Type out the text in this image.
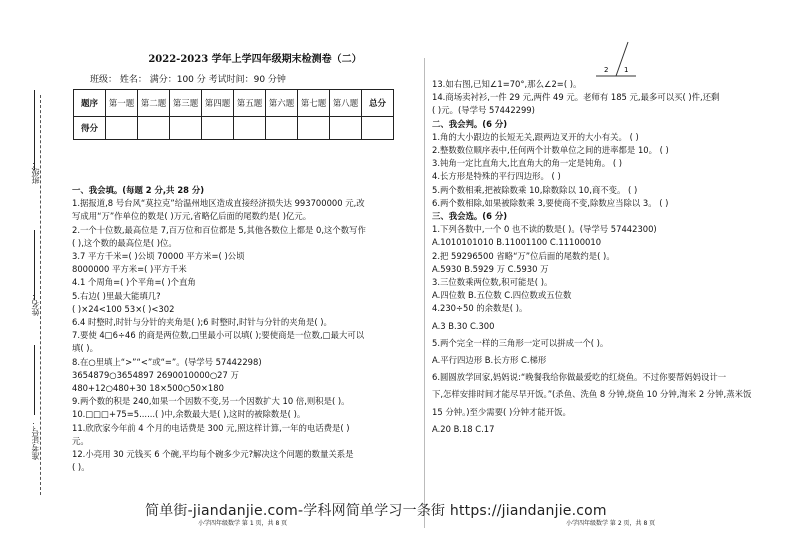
班级：
姓名：
准考证号：
2022-2023 学年上学四年级期末检测卷（二）
班级： 姓名： 满分：100 分 考试时间：90 分钟
题序	第一题	第二题	第三题	第四题	第五题	第六题	第七题	第八题	总分
得分									
一、我会填。(每题 2 分,共 28 分)
1.据报道,8 号台风“莫拉克”给温州地区造成直接经济损失达 993700000 元,改
写成用“万”作单位的数是( )万元,省略亿后面的尾数约是( )亿元。
2.一个十位数,最高位是 7,百万位和百位都是 5,其他各数位上都是 0,这个数写作
( ),这个数的最高位是( )位。
3.7 平方千米=( )公顷 70000 平方米=( )公顷
8000000 平方米=( )平方千米
4.1 个周角=( )个平角=( )个直角
5.右边( )里最大能填几?
( )×24<100 53×( )<302
6.4 时整时,时针与分针的夹角是( );6 时整时,时针与分针的夹角是( )。
7.要使 4□6÷46 的商是两位数,□里最小可以填( );要使商是一位数,□最大可以
填( )。
8.在○里填上“>”“<”或“=”。(导学号 57442298)
3654879○3654897 2690010000○27 万
480+12○480+30 18×500○50×180
9.两个数的积是 240,如果一个因数不变,另一个因数扩大 10 倍,则积是( )。
10.□□□+75=5......( )中,余数最大是( ),这时的被除数是( )。
11.欣欣家今年前 4 个月的电话费是 300 元,照这样计算,一年的电话费是( )
元。
12.小亮用 30 元钱买 6 个碗,平均每个碗多少元?解决这个问题的数量关系是
( )。
13.如右图,已知∠1=70°,那么∠2=( )。
14.商场卖衬衫,一件 29 元,两件 49 元。老师有 185 元,最多可以买( )件,还剩
( )元。(导学号 57442299)
二、我会判。(6 分)
1.角的大小跟边的长短无关,跟两边叉开的大小有关。 ( )
2.整数数位顺序表中,任何两个计数单位之间的进率都是 10。 ( )
3.钝角一定比直角大,比直角大的角一定是钝角。 ( )
4.长方形是特殊的平行四边形。 ( )
5.两个数相乘,把被除数乘 10,除数除以 10,商不变。 ( )
6.两个数相除,如果被除数乘 3,要使商不变,除数应当除以 3。 ( )
三、我会选。(6 分)
1.下列各数中,一个 0 也不读的数是( )。(导学号 57442300)
A.1010101010 B.11001100 C.11100010
2.把 59296500 省略“万”位后面的尾数约是( )。
A.5930 B.5929 万 C.5930 万
3.三位数乘两位数,积可能是( )。
A.四位数 B.五位数 C.四位数或五位数
4.230÷50 的余数是( )。
A.3 B.30 C.300
5.两个完全一样的三角形一定可以拼成一个( )。
A.平行四边形 B.长方形 C.梯形
6.圆圆放学回家,妈妈说:“晚餐我给你做最爱吃的红烧鱼。不过你要帮妈妈设计一
下,怎样安排时间才能尽早开饭。”(杀鱼、洗鱼 8 分钟,烧鱼 10 分钟,淘米 2 分钟,蒸米饭
15 分钟。)至少需要( )分钟才能开饭。
A.20 B.18 C.17
2 1
小学四年级数学 第 1 页，共 8 页	小学四年级数学 第 2 页，共 8 页
简单街-jiandanjie.com-学科网简单学习一条街 https://jiandanjie.com
